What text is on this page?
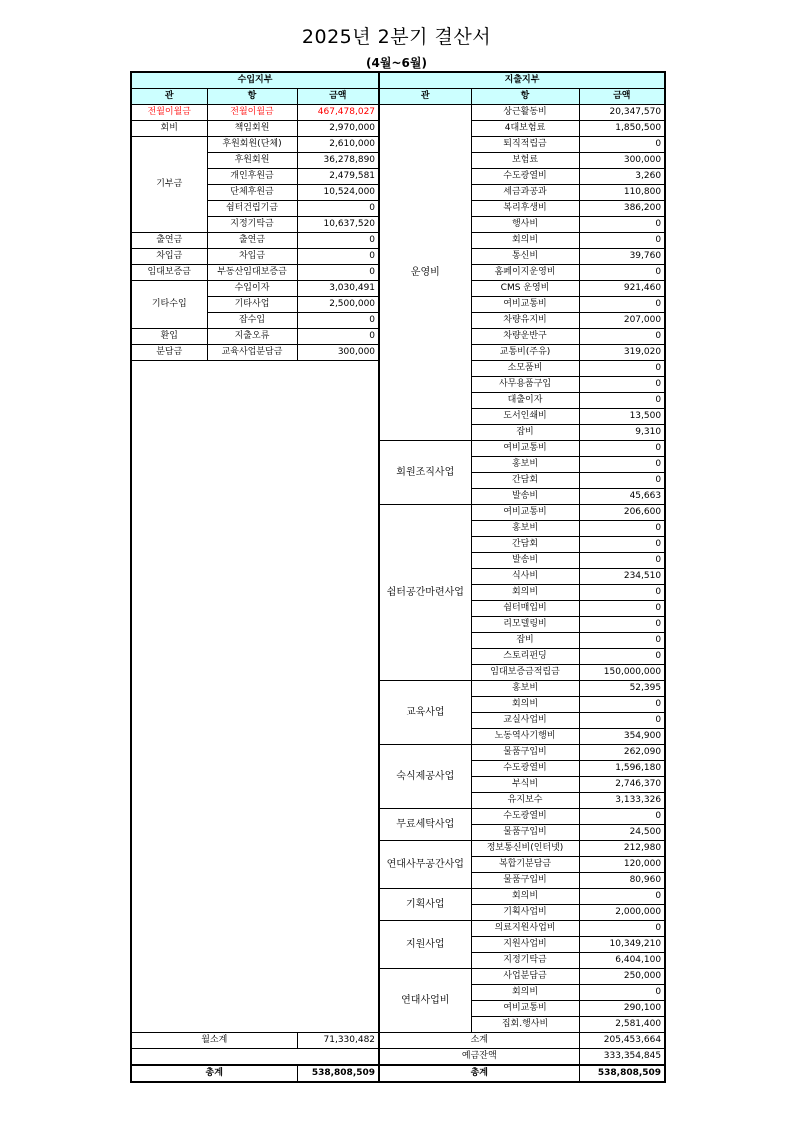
2025년 2분기 결산서
(4월~6월)
수입지부			지출지부		
관	항	금액	관	항	금액
전월이월금	전월이월금	467,478,027	운영비	상근활동비	20,347,570
회비	책임회원	2,970,000		4대보험료	1,850,500
기부금	후원회원(단체)	2,610,000		퇴직적립금	0
	후원회원	36,278,890		보험료	300,000
	개인후원금	2,479,581		수도광열비	3,260
	단체후원금	10,524,000		세금과공과	110,800
	쉼터건립기금	0		복리후생비	386,200
	지정기탁금	10,637,520		행사비	0
출연금	출연금	0		회의비	0
차입금	차입금	0		통신비	39,760
임대보증금	부동산임대보증금	0		홈페이지운영비	0
기타수입	수입이자	3,030,491		CMS 운영비	921,460
	기타사업	2,500,000		여비교통비	0
	잡수입	0		차량유지비	207,000
환입	지출오류	0		차량운반구	0
분담금	교육사업분담금	300,000		교통비(주유)	319,020
				소모품비	0
				사무용품구입	0
				대출이자	0
				도서인쇄비	13,500
				잡비	9,310
			회원조직사업	여비교통비	0
				홍보비	0
				간담회	0
				발송비	45,663
			쉼터공간마련사업	여비교통비	206,600
				홍보비	0
				간담회	0
				발송비	0
				식사비	234,510
				회의비	0
				쉼터매입비	0
				리모델링비	0
				잡비	0
				스토리펀딩	0
				임대보증금적립금	150,000,000
			교육사업	홍보비	52,395
				회의비	0
				교실사업비	0
				노동역사기행비	354,900
			숙식제공사업	물품구입비	262,090
				수도광열비	1,596,180
				부식비	2,746,370
				유지보수	3,133,326
			무료세탁사업	수도광열비	0
				물품구입비	24,500
			연대사무공간사업	정보통신비(인터넷)	212,980
				복합기분담금	120,000
				물품구입비	80,960
			기획사업	회의비	0
				기획사업비	2,000,000
			지원사업	의료지원사업비	0
				지원사업비	10,349,210
				지정기탁금	6,404,100
			연대사업비	사업분담금	250,000
				회의비	0
				여비교통비	290,100
				집회.행사비	2,581,400
월소계		71,330,482	소계		205,453,664
			예금잔액		333,354,845
총계		538,808,509	총계		538,808,509
